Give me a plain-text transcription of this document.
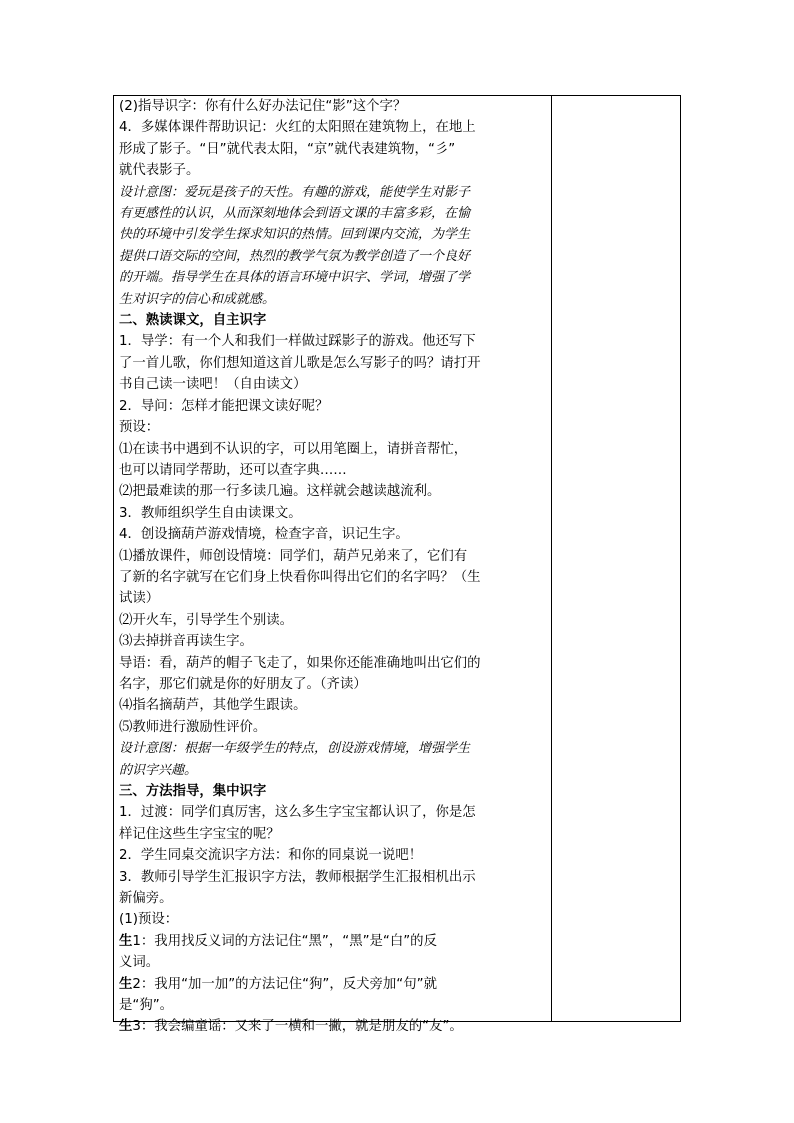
(2)指导识字：你有什么好办法记住“影”这个字？
4．多媒体课件帮助识记：火红的太阳照在建筑物上，在地上
形成了影子。“日”就代表太阳，“京”就代表建筑物，“彡”
就代表影子。
设计意图：爱玩是孩子的天性。有趣的游戏，能使学生对影子
有更感性的认识，从而深刻地体会到语文课的丰富多彩，在愉
快的环境中引发学生探求知识的热情。回到课内交流，为学生
提供口语交际的空间，热烈的教学气氛为教学创造了一个良好
的开端。指导学生在具体的语言环境中识字、学词，增强了学
生对识字的信心和成就感。
二、熟读课文，自主识字
1．导学：有一个人和我们一样做过踩影子的游戏。他还写下
了一首儿歌，你们想知道这首儿歌是怎么写影子的吗？请打开
书自己读一读吧！（自由读文）
2．导问：怎样才能把课文读好呢？
预设：
⑴在读书中遇到不认识的字，可以用笔圈上，请拼音帮忙，
也可以请同学帮助，还可以查字典……
⑵把最难读的那一行多读几遍。这样就会越读越流利。
3．教师组织学生自由读课文。
4．创设摘葫芦游戏情境，检查字音，识记生字。
⑴播放课件，师创设情境：同学们，葫芦兄弟来了，它们有
了新的名字就写在它们身上快看你叫得出它们的名字吗？（生
试读）
⑵开火车，引导学生个别读。
⑶去掉拼音再读生字。
导语：看，葫芦的帽子飞走了，如果你还能准确地叫出它们的
名字，那它们就是你的好朋友了。（齐读）
⑷指名摘葫芦，其他学生跟读。
⑸教师进行激励性评价。
设计意图：根据一年级学生的特点，创设游戏情境，增强学生
的识字兴趣。
三、方法指导，集中识字
1．过渡：同学们真厉害，这么多生字宝宝都认识了，你是怎
样记住这些生字宝宝的呢？
2．学生同桌交流识字方法：和你的同桌说一说吧！
3．教师引导学生汇报识字方法，教师根据学生汇报相机出示
新偏旁。
(1)预设：
生1：我用找反义词的方法记住“黑”，“黑”是“白”的反
义词。
生2：我用“加一加”的方法记住“狗”，反犬旁加“句”就
是“狗”。
生3：我会编童谣：又来了一横和一撇，就是朋友的“友”。
